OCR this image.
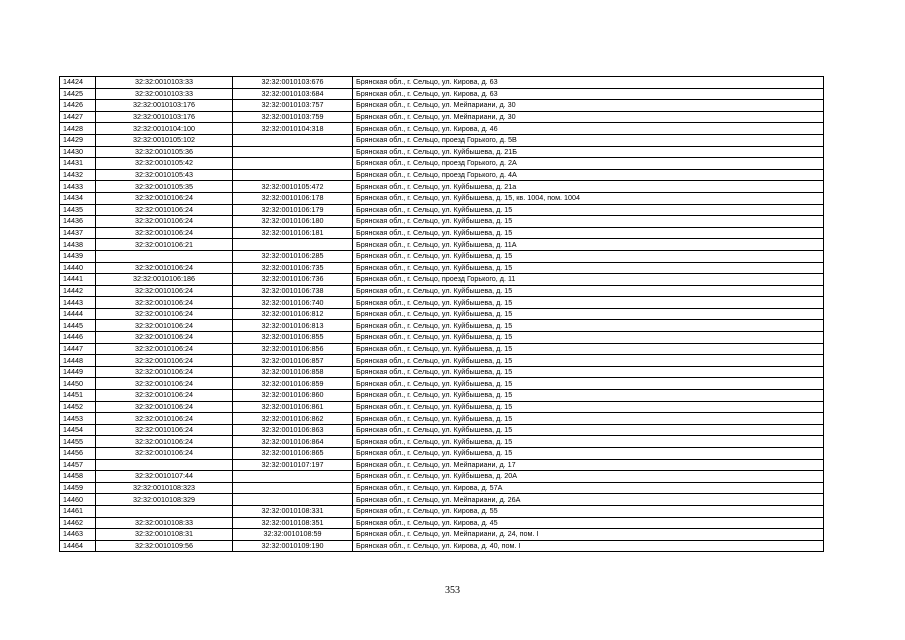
14424	32:32:0010103:33	32:32:0010103:676	Брянская обл., г. Сельцо, ул. Кирова, д. 63
14425	32:32:0010103:33	32:32:0010103:684	Брянская обл., г. Сельцо, ул. Кирова, д. 63
14426	32:32:0010103:176	32:32:0010103:757	Брянская обл., г. Сельцо, ул. Мейпариани, д. 30
14427	32:32:0010103:176	32:32:0010103:759	Брянская обл., г. Сельцо, ул. Мейпариани, д. 30
14428	32:32:0010104:100	32:32:0010104:318	Брянская обл., г. Сельцо, ул. Кирова, д. 46
14429	32:32:0010105:102		Брянская обл., г. Сельцо, проезд Горького, д. 5В
14430	32:32:0010105:36		Брянская обл., г. Сельцо, ул. Куйбышева, д. 21Б
14431	32:32:0010105:42		Брянская обл., г. Сельцо, проезд Горького, д. 2А
14432	32:32:0010105:43		Брянская обл., г. Сельцо, проезд Горького, д. 4А
14433	32:32:0010105:35	32:32:0010105:472	Брянская обл., г. Сельцо, ул. Куйбышева, д. 21а
14434	32:32:0010106:24	32:32:0010106:178	Брянская обл., г. Сельцо, ул. Куйбышева, д. 15, кв. 1004, пом. 1004
14435	32:32:0010106:24	32:32:0010106:179	Брянская обл., г. Сельцо, ул. Куйбышева, д. 15
14436	32:32:0010106:24	32:32:0010106:180	Брянская обл., г. Сельцо, ул. Куйбышева, д. 15
14437	32:32:0010106:24	32:32:0010106:181	Брянская обл., г. Сельцо, ул. Куйбышева, д. 15
14438	32:32:0010106:21		Брянская обл., г. Сельцо, ул. Куйбышева, д. 11А
14439		32:32:0010106:285	Брянская обл., г. Сельцо, ул. Куйбышева, д. 15
14440	32:32:0010106:24	32:32:0010106:735	Брянская обл., г. Сельцо, ул. Куйбышева, д. 15
14441	32:32:0010106:186	32:32:0010106:736	Брянская обл., г. Сельцо, проезд Горького, д. 11
14442	32:32:0010106:24	32:32:0010106:738	Брянская обл., г. Сельцо, ул. Куйбышева, д. 15
14443	32:32:0010106:24	32:32:0010106:740	Брянская обл., г. Сельцо, ул. Куйбышева, д. 15
14444	32:32:0010106:24	32:32:0010106:812	Брянская обл., г. Сельцо, ул. Куйбышева, д. 15
14445	32:32:0010106:24	32:32:0010106:813	Брянская обл., г. Сельцо, ул. Куйбышева, д. 15
14446	32:32:0010106:24	32:32:0010106:855	Брянская обл., г. Сельцо, ул. Куйбышева, д. 15
14447	32:32:0010106:24	32:32:0010106:856	Брянская обл., г. Сельцо, ул. Куйбышева, д. 15
14448	32:32:0010106:24	32:32:0010106:857	Брянская обл., г. Сельцо, ул. Куйбышева, д. 15
14449	32:32:0010106:24	32:32:0010106:858	Брянская обл., г. Сельцо, ул. Куйбышева, д. 15
14450	32:32:0010106:24	32:32:0010106:859	Брянская обл., г. Сельцо, ул. Куйбышева, д. 15
14451	32:32:0010106:24	32:32:0010106:860	Брянская обл., г. Сельцо, ул. Куйбышева, д. 15
14452	32:32:0010106:24	32:32:0010106:861	Брянская обл., г. Сельцо, ул. Куйбышева, д. 15
14453	32:32:0010106:24	32:32:0010106:862	Брянская обл., г. Сельцо, ул. Куйбышева, д. 15
14454	32:32:0010106:24	32:32:0010106:863	Брянская обл., г. Сельцо, ул. Куйбышева, д. 15
14455	32:32:0010106:24	32:32:0010106:864	Брянская обл., г. Сельцо, ул. Куйбышева, д. 15
14456	32:32:0010106:24	32:32:0010106:865	Брянская обл., г. Сельцо, ул. Куйбышева, д. 15
14457		32:32:0010107:197	Брянская обл., г. Сельцо, ул. Мейпариани, д. 17
14458	32:32:0010107:44		Брянская обл., г. Сельцо, ул. Куйбышева, д. 20А
14459	32:32:0010108:323		Брянская обл., г. Сельцо, ул. Кирова, д. 57А
14460	32:32:0010108:329		Брянская обл., г. Сельцо, ул. Мейпариани, д. 26А
14461		32:32:0010108:331	Брянская обл., г. Сельцо, ул. Кирова, д. 55
14462	32:32:0010108:33	32:32:0010108:351	Брянская обл., г. Сельцо, ул. Кирова, д. 45
14463	32:32:0010108:31	32:32:0010108:59	Брянская обл., г. Сельцо, ул. Мейпариани, д. 24, пом. I
14464	32:32:0010109:56	32:32:0010109:190	Брянская обл., г. Сельцо, ул. Кирова, д. 40, пом. I
353
